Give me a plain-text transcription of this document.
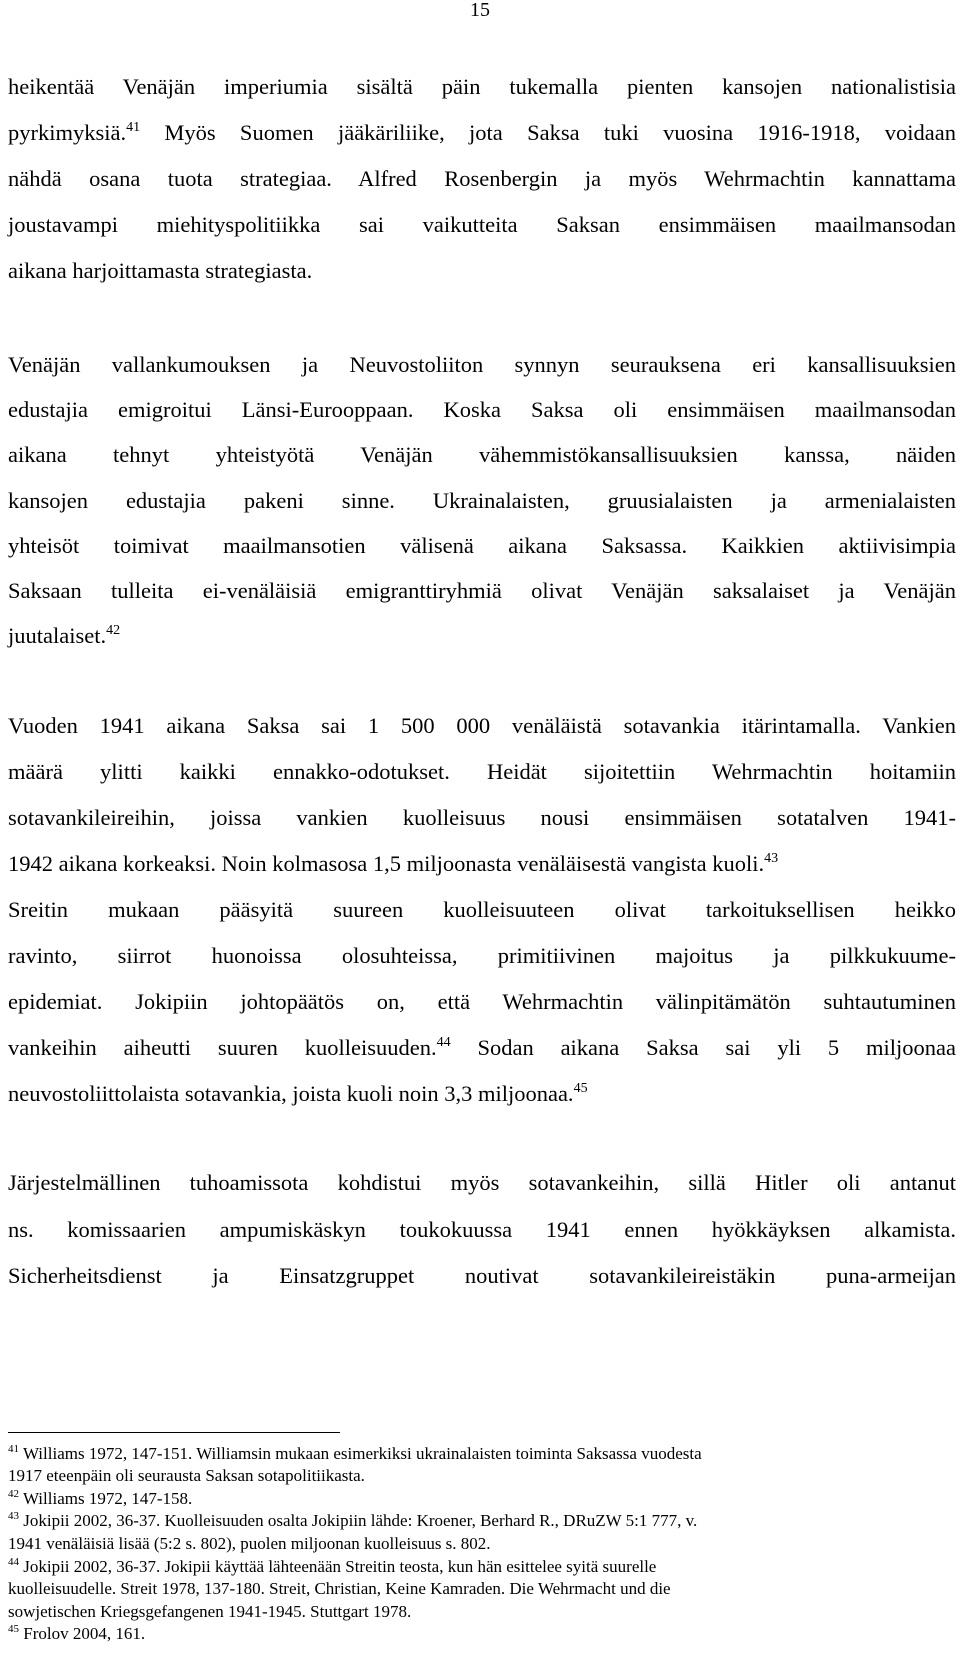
15
heikentää Venäjän imperiumia sisältä päin tukemalla pienten kansojen nationalistisia
pyrkimyksiä.$^{41}$ Myös Suomen jääkäriliike, jota Saksa tuki vuosina 1916-1918, voidaan
nähdä osana tuota strategiaa. Alfred Rosenbergin ja myös Wehrmachtin kannattama
joustavampi miehityspolitiikka sai vaikutteita Saksan ensimmäisen maailmansodan
aikana harjoittamasta strategiasta.
Venäjän vallankumouksen ja Neuvostoliiton synnyn seurauksena eri kansallisuuksien
edustajia emigroitui Länsi-Eurooppaan. Koska Saksa oli ensimmäisen maailmansodan
aikana tehnyt yhteistyötä Venäjän vähemmistökansallisuuksien kanssa, näiden
kansojen edustajia pakeni sinne. Ukrainalaisten, gruusialaisten ja armenialaisten
yhteisöt toimivat maailmansotien välisenä aikana Saksassa. Kaikkien aktiivisimpia
Saksaan tulleita ei-venäläisiä emigranttiryhmiä olivat Venäjän saksalaiset ja Venäjän
juutalaiset.$^{42}$
Vuoden 1941 aikana Saksa sai 1 500 000 venäläistä sotavankia itärintamalla. Vankien
määrä ylitti kaikki ennakko-odotukset. Heidät sijoitettiin Wehrmachtin hoitamiin
sotavankileireihin, joissa vankien kuolleisuus nousi ensimmäisen sotatalven 1941-
1942 aikana korkeaksi. Noin kolmasosa 1,5 miljoonasta venäläisestä vangista kuoli.$^{43}$
Sreitin mukaan pääsyitä suureen kuolleisuuteen olivat tarkoituksellisen heikko
ravinto, siirrot huonoissa olosuhteissa, primitiivinen majoitus ja pilkkukuume-
epidemiat. Jokipiin johtopäätös on, että Wehrmachtin välinpitämätön suhtautuminen
vankeihin aiheutti suuren kuolleisuuden.$^{44}$ Sodan aikana Saksa sai yli 5 miljoonaa
neuvostoliittolaista sotavankia, joista kuoli noin 3,3 miljoonaa.$^{45}$
Järjestelmällinen tuhoamissota kohdistui myös sotavankeihin, sillä Hitler oli antanut
ns. komissaarien ampumiskäskyn toukokuussa 1941 ennen hyökkäyksen alkamista.
Sicherheitsdienst ja Einsatzgruppet noutivat sotavankileireistäkin puna-armeijan
$^{41}$ Williams 1972, 147-151. Williamsin mukaan esimerkiksi ukrainalaisten toiminta Saksassa vuodesta
1917 eteenpäin oli seurausta Saksan sotapolitiikasta.
$^{42}$ Williams 1972, 147-158.
$^{43}$ Jokipii 2002, 36-37. Kuolleisuuden osalta Jokipiin lähde: Kroener, Berhard R., DRuZW 5:1 777, v.
1941 venäläisiä lisää (5:2 s. 802), puolen miljoonan kuolleisuus s. 802.
$^{44}$ Jokipii 2002, 36-37. Jokipii käyttää lähteenään Streitin teosta, kun hän esittelee syitä suurelle
kuolleisuudelle. Streit 1978, 137-180. Streit, Christian, Keine Kamraden. Die Wehrmacht und die
sowjetischen Kriegsgefangenen 1941-1945. Stuttgart 1978.
$^{45}$ Frolov 2004, 161.
